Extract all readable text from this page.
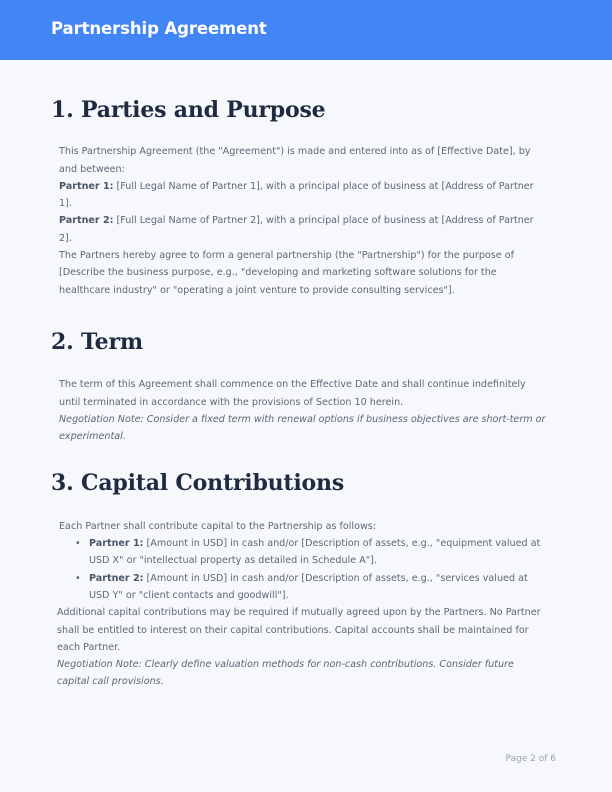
Partnership Agreement
1. Parties and Purpose

This Partnership Agreement (the "Agreement") is made and entered into as of [Effective Date], by and between:

Partner 1: [Full Legal Name of Partner 1], with a principal place of business at [Address of Partner 1].

Partner 2: [Full Legal Name of Partner 2], with a principal place of business at [Address of Partner 2].

The Partners hereby agree to form a general partnership (the "Partnership") for the purpose of [Describe the business purpose, e.g., "developing and marketing software solutions for the healthcare industry" or "operating a joint venture to provide consulting services"].

2. Term

The term of this Agreement shall commence on the Effective Date and shall continue indefinitely until terminated in accordance with the provisions of Section 10 herein.

Negotiation Note: Consider a fixed term with renewal options if business objectives are short-term or experimental.

3. Capital Contributions

Each Partner shall contribute capital to the Partnership as follows:

• Partner 1: [Amount in USD] in cash and/or [Description of assets, e.g., "equipment valued at USD X" or "intellectual property as detailed in Schedule A"].
• Partner 2: [Amount in USD] in cash and/or [Description of assets, e.g., "services valued at USD Y" or "client contacts and goodwill"].

Additional capital contributions may be required if mutually agreed upon by the Partners. No Partner shall be entitled to interest on their capital contributions. Capital accounts shall be maintained for each Partner.

Negotiation Note: Clearly define valuation methods for non-cash contributions. Consider future capital call provisions.

Page 2 of 6
